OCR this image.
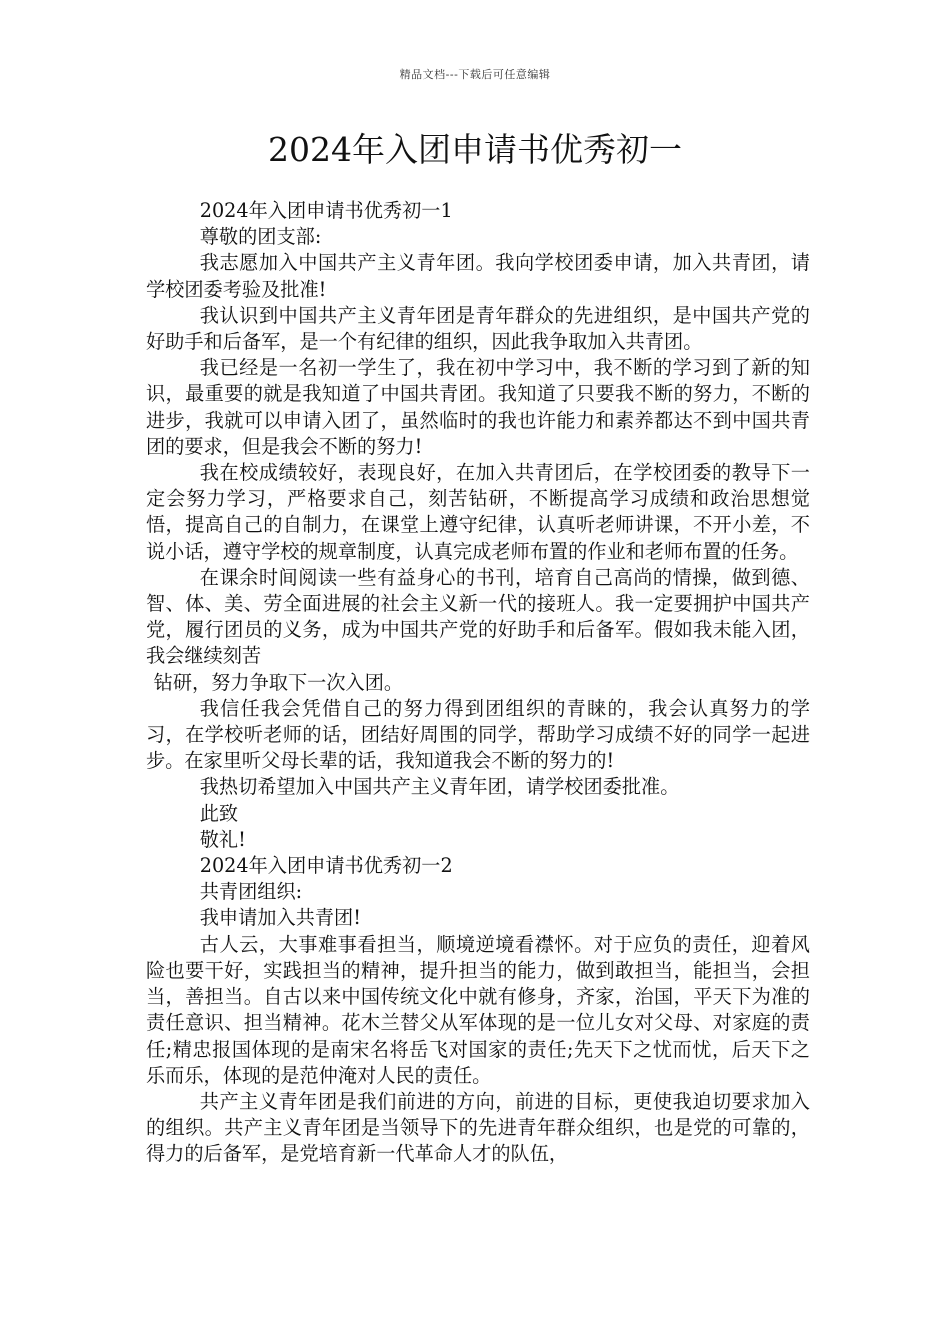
精品文档---下载后可任意编辑
2024年入团申请书优秀初一

2024年入团申请书优秀初一1

尊敬的团支部:

我志愿加入中国共产主义青年团。我向学校团委申请，加入共青团，请学校团委考验及批准!

我认识到中国共产主义青年团是青年群众的先进组织，是中国共产党的好助手和后备军，是一个有纪律的组织，因此我争取加入共青团。

我已经是一名初一学生了，我在初中学习中，我不断的学习到了新的知识，最重要的就是我知道了中国共青团。我知道了只要我不断的努力，不断的进步，我就可以申请入团了，虽然临时的我也许能力和素养都达不到中国共青团的要求，但是我会不断的努力!

我在校成绩较好，表现良好，在加入共青团后，在学校团委的教导下一定会努力学习，严格要求自己，刻苦钻研，不断提高学习成绩和政治思想觉悟，提高自己的自制力，在课堂上遵守纪律，认真听老师讲课，不开小差，不说小话，遵守学校的规章制度，认真完成老师布置的作业和老师布置的任务。

在课余时间阅读一些有益身心的书刊，培育自己高尚的情操，做到德、智、体、美、劳全面进展的社会主义新一代的接班人。我一定要拥护中国共产党，履行团员的义务，成为中国共产党的好助手和后备军。假如我未能入团，我会继续刻苦

钻研，努力争取下一次入团。

我信任我会凭借自己的努力得到团组织的青睐的，我会认真努力的学习，在学校听老师的话，团结好周围的同学，帮助学习成绩不好的同学一起进步。在家里听父母长辈的话，我知道我会不断的努力的!

我热切希望加入中国共产主义青年团，请学校团委批准。

此致

敬礼!

2024年入团申请书优秀初一2

共青团组织:

我申请加入共青团!

古人云，大事难事看担当，顺境逆境看襟怀。对于应负的责任，迎着风险也要干好，实践担当的精神，提升担当的能力，做到敢担当，能担当，会担当，善担当。自古以来中国传统文化中就有修身，齐家，治国，平天下为准的责任意识、担当精神。花木兰替父从军体现的是一位儿女对父母、对家庭的责任;精忠报国体现的是南宋名将岳飞对国家的责任;先天下之忧而忧，后天下之乐而乐，体现的是范仲淹对人民的责任。

共产主义青年团是我们前进的方向，前进的目标，更使我迫切要求加入的组织。共产主义青年团是当领导下的先进青年群众组织，也是党的可靠的，得力的后备军，是党培育新一代革命人才的队伍，
